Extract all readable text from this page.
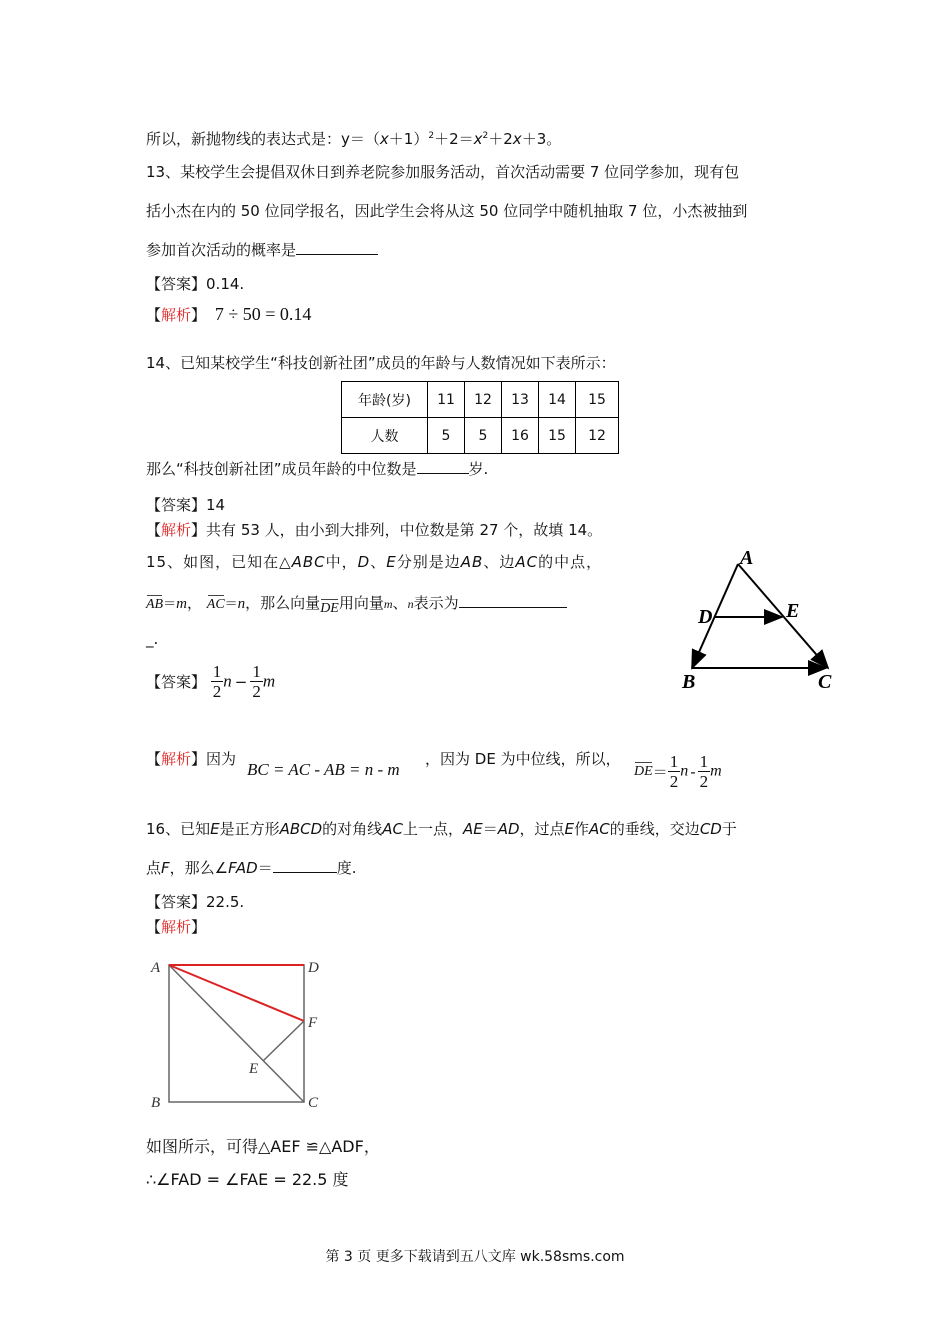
所以，新抛物线的表达式是：$y=(x+1)^2+2=x^2+2x+3$。
13、某校学生会提倡双休日到养老院参加服务活动，首次活动需要 7 位同学参加，现有包
括小杰在内的 50 位同学报名，因此学生会将从这 50 位同学中随机抽取 7 位，小杰被抽到
参加首次活动的概率是
【答案】0.14.
【解析】 7 ÷ 50 = 0.14
14、已知某校学生“科技创新社团”成员的年龄与人数情况如下表所示：
年龄(岁)	11	12	13	14	15
人数	5	5	16	15	12
那么“科技创新社团”成员年龄的中位数是	岁.
【答案】14
【解析】共有 53 人，由小到大排列，中位数是第 27 个，故填 14。
15、如图，已知在△ABC中，D、E分别是边AB、边AC的中点，
AB＝m， AC＝n，那么向量DE用向量m、n表示为
_.
【答案】 $\frac{1}{2}$ $n - \frac{1}{2}$ m
【解析】因为
BC = AC - AB = n - m
，因为 DE 为中位线，所以，
$DE= \frac{1}{2}$ n - $\frac{1}{2}$ m
A
D	E
B	C
16、已知E是正方形ABCD的对角线AC上一点，AE＝AD，过点E作AC的垂线，交边CD于
点F，那么∠FAD＝	度.
【答案】22.5.
【解析】
A	D
F
E
B	C
如图所示，可得△AEF ≌△ADF，
∴∠FAD = ∠FAE = 22.5 度
第 3 页 更多下载请到五八文库 wk.58sms.com
